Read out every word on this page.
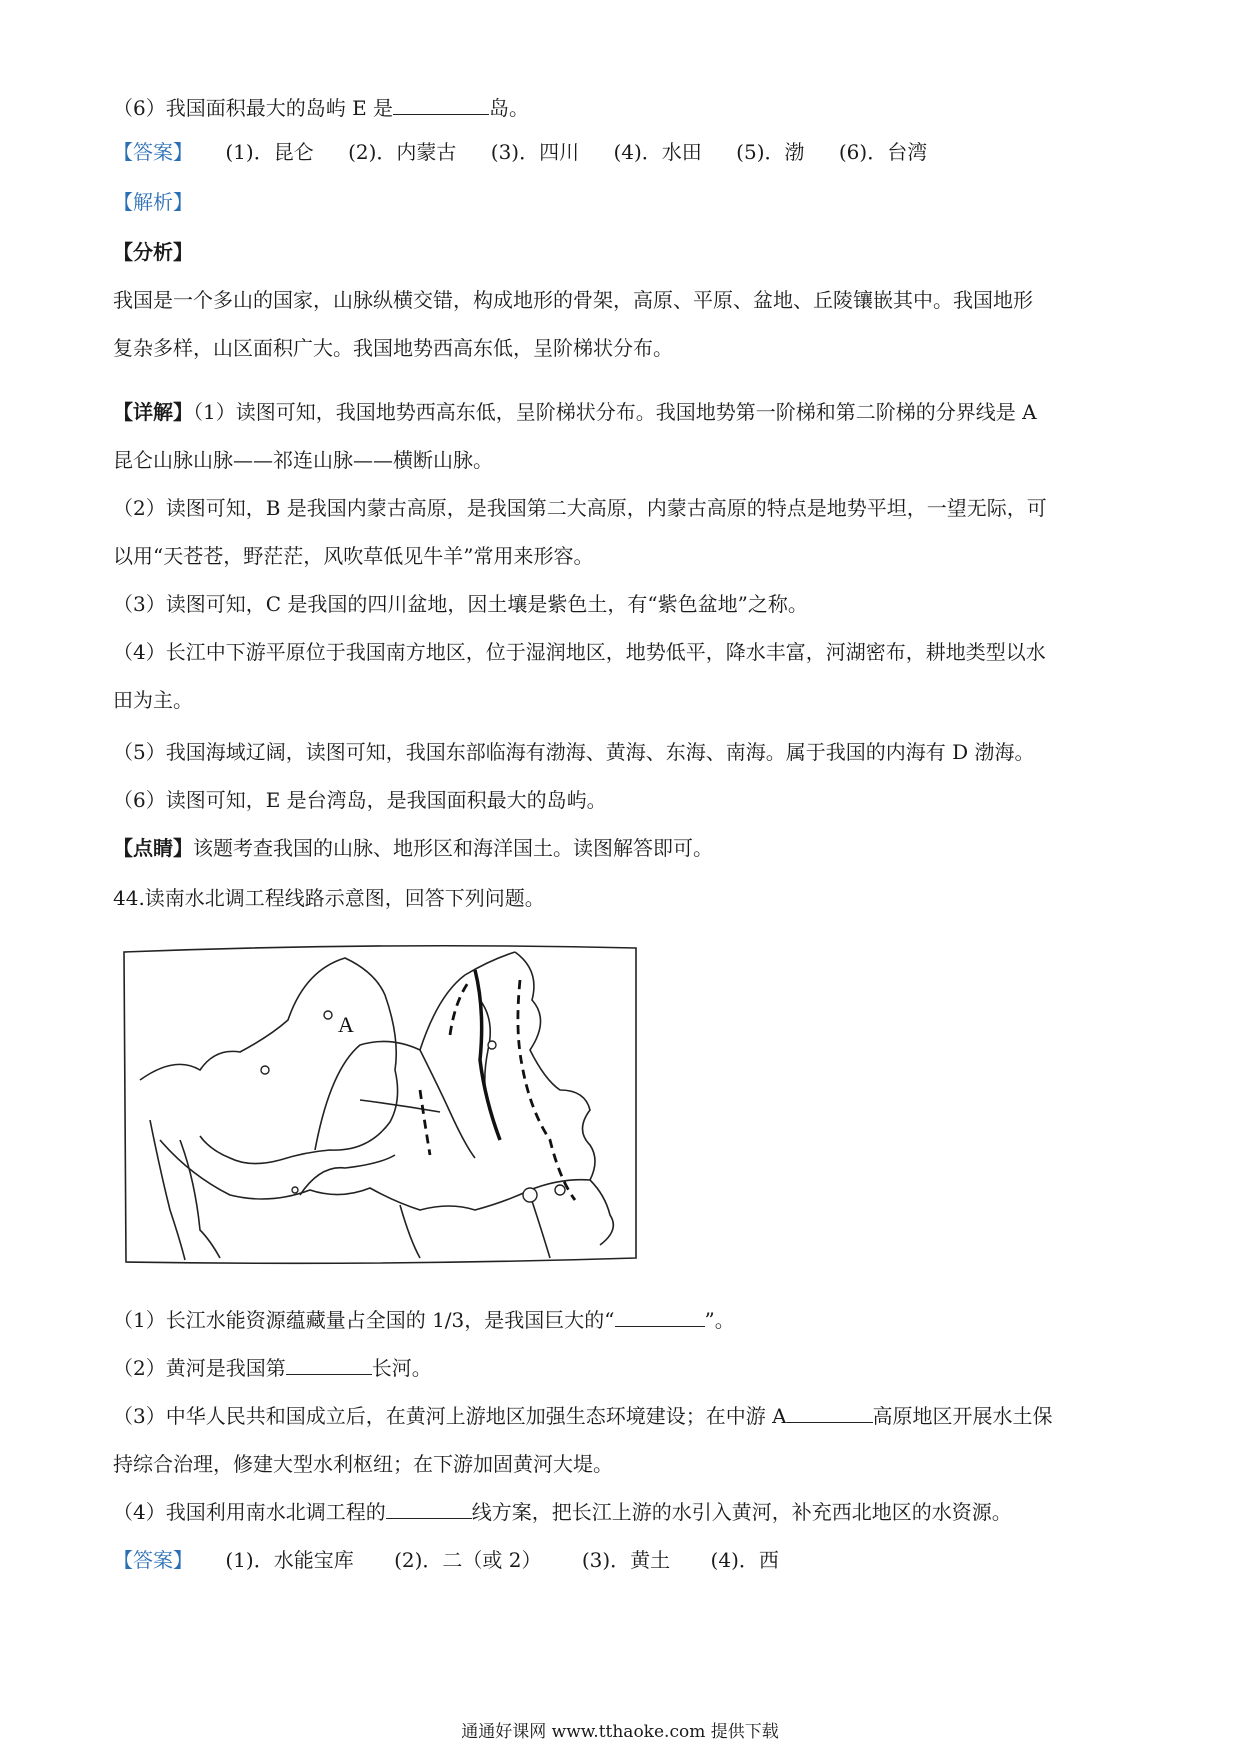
（6）我国面积最大的岛屿 E 是	岛。
【答案】 (1)．昆仑 (2)．内蒙古 (3)．四川 (4)．水田 (5)．渤 (6)．台湾
【解析】
【分析】
我国是一个多山的国家，山脉纵横交错，构成地形的骨架，高原、平原、盆地、丘陵镶嵌其中。我国地形
复杂多样，山区面积广大。我国地势西高东低，呈阶梯状分布。
【详解】（1）读图可知，我国地势西高东低，呈阶梯状分布。我国地势第一阶梯和第二阶梯的分界线是 A
昆仑山脉山脉——祁连山脉——横断山脉。
（2）读图可知，B 是我国内蒙古高原，是我国第二大高原，内蒙古高原的特点是地势平坦，一望无际，可
以用“天苍苍，野茫茫，风吹草低见牛羊”常用来形容。
（3）读图可知，C 是我国的四川盆地，因土壤是紫色土，有“紫色盆地”之称。
（4）长江中下游平原位于我国南方地区，位于湿润地区，地势低平，降水丰富，河湖密布，耕地类型以水
田为主。
（5）我国海域辽阔，读图可知，我国东部临海有渤海、黄海、东海、南海。属于我国的内海有 D 渤海。
（6）读图可知，E 是台湾岛，是我国面积最大的岛屿。
【点睛】该题考查我国的山脉、地形区和海洋国土。读图解答即可。
44.读南水北调工程线路示意图，回答下列问题。
A
（1）长江水能资源蕴藏量占全国的 1/3，是我国巨大的“	”。
（2）黄河是我国第	长河。
（3）中华人民共和国成立后，在黄河上游地区加强生态环境建设；在中游 A	高原地区开展水土保
持综合治理，修建大型水利枢纽；在下游加固黄河大堤。
（4）我国利用南水北调工程的	线方案，把长江上游的水引入黄河，补充西北地区的水资源。
【答案】 (1)．水能宝库 (2)．二（或 2） (3)．黄土 (4)．西
通通好课网 www.tthaoke.com 提供下载
